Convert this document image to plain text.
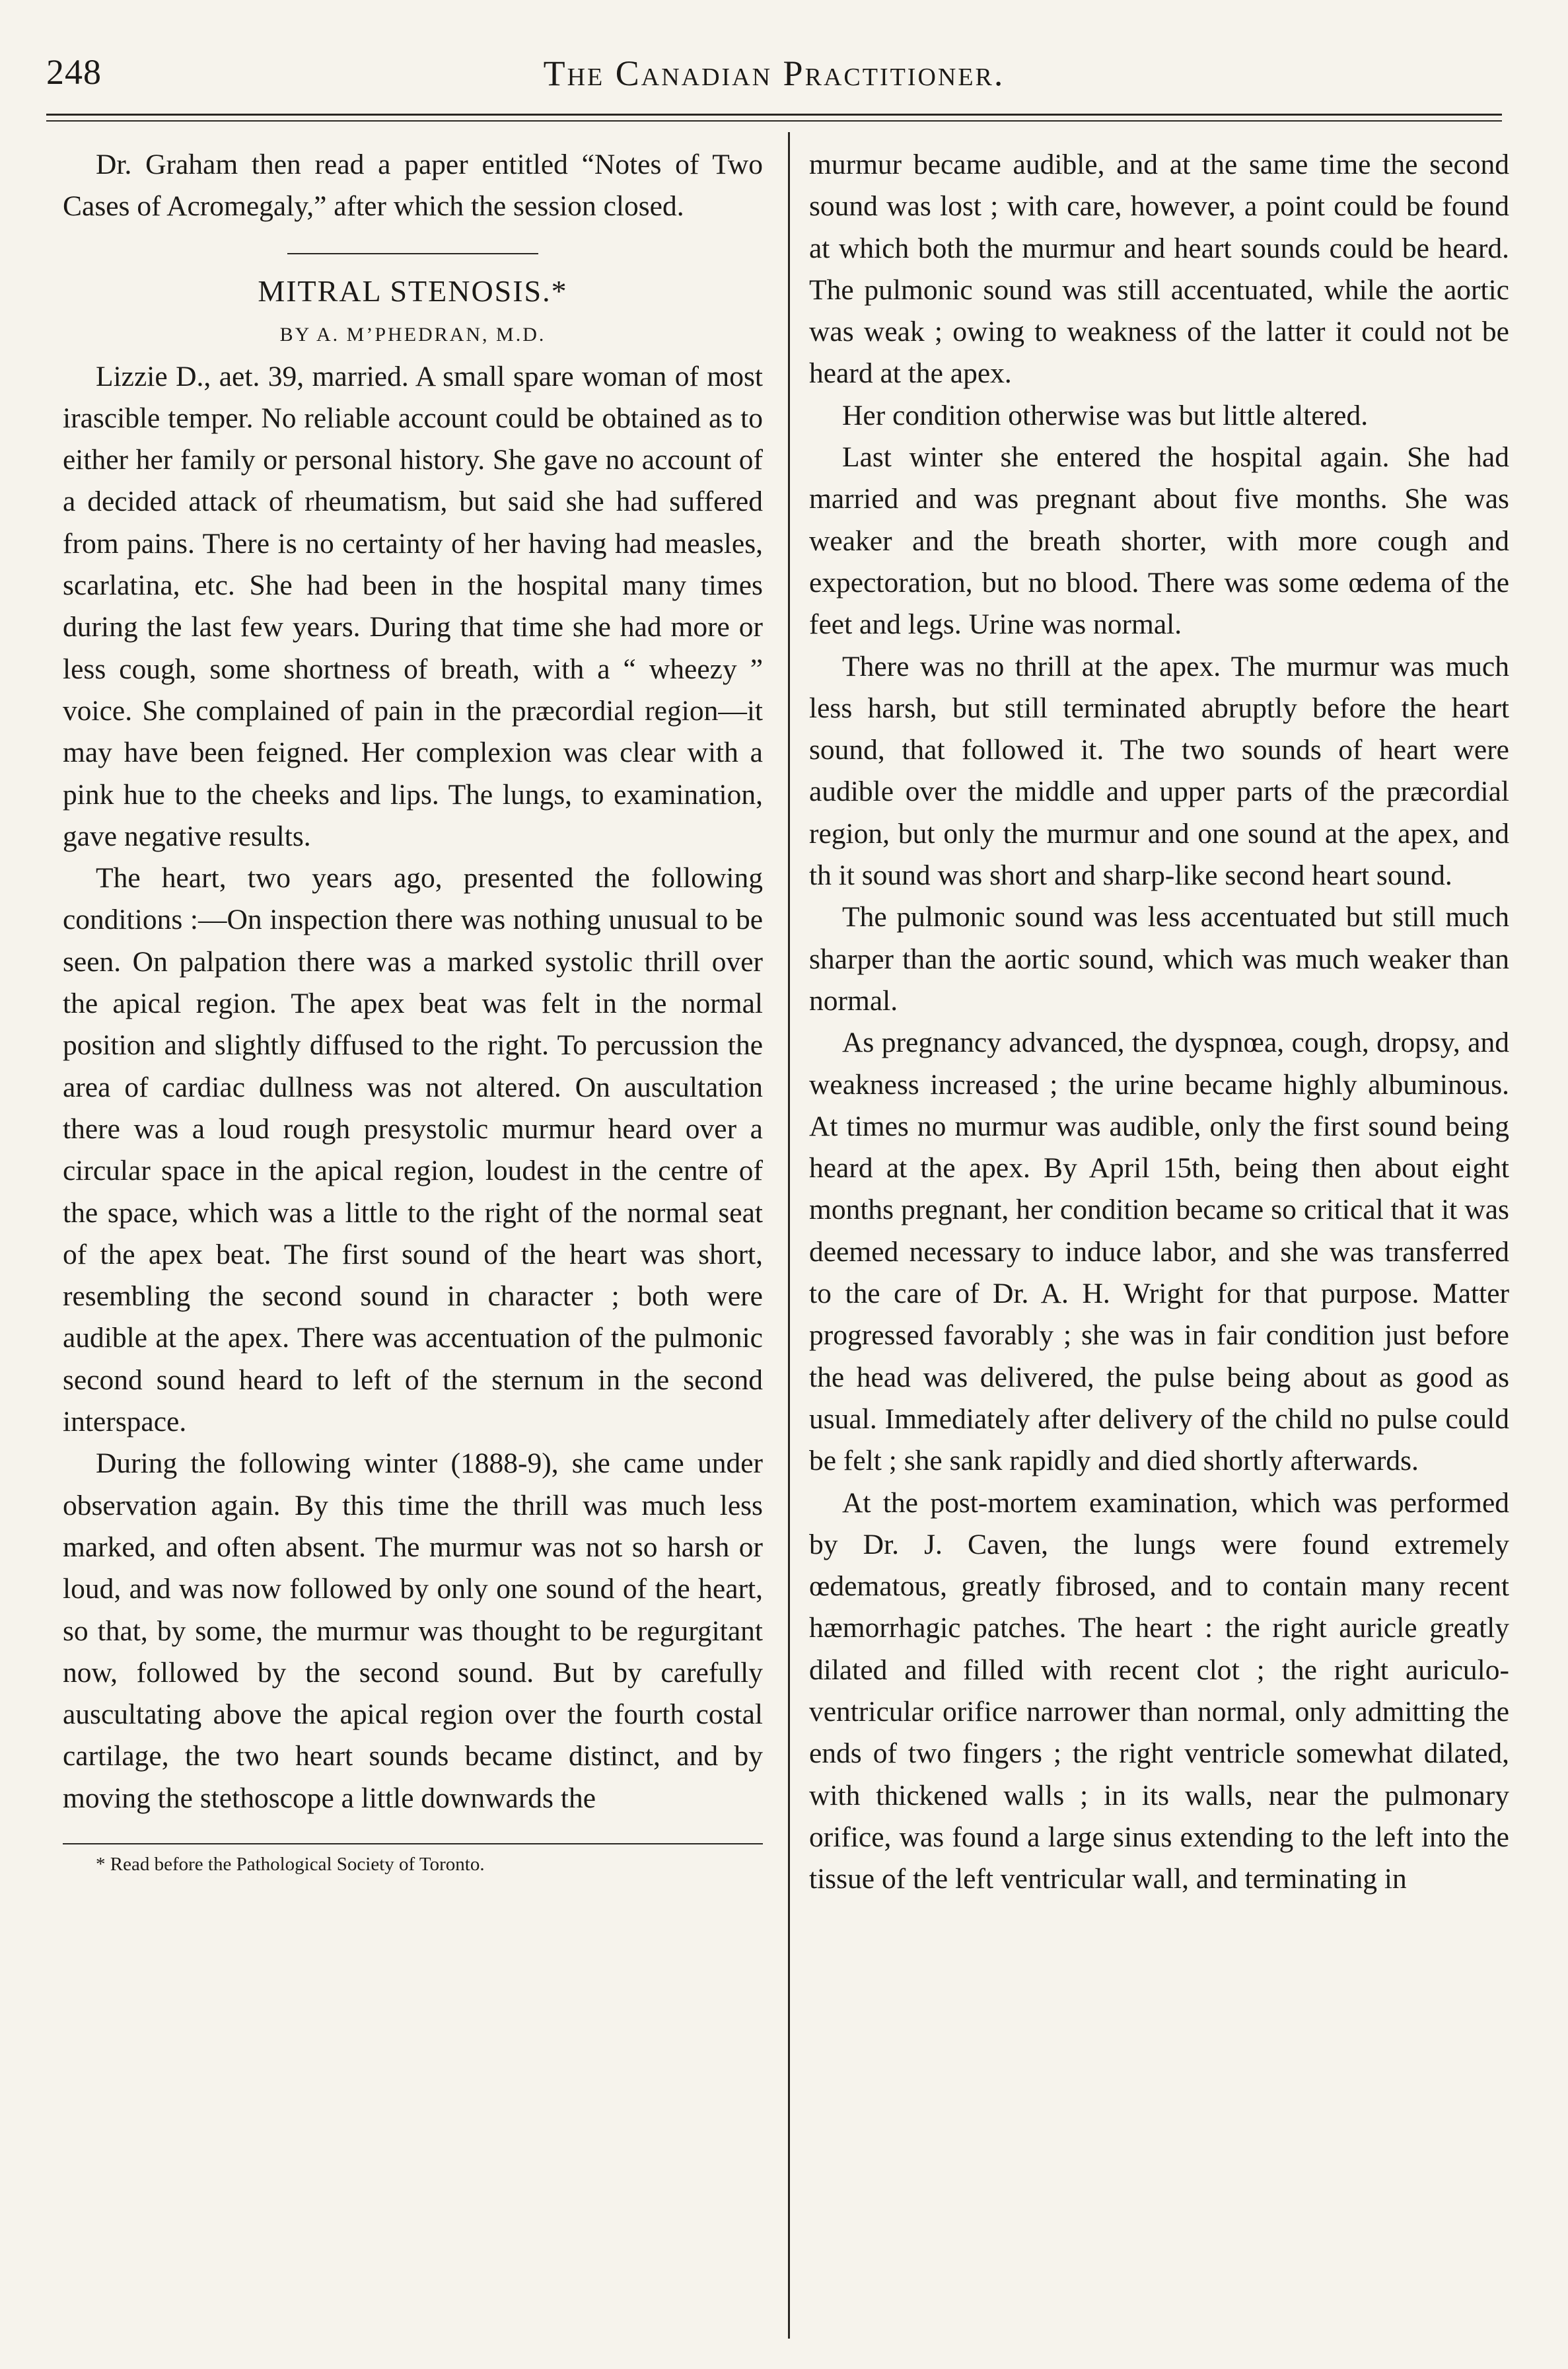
248	The Canadian Practitioner.

Dr. Graham then read a paper entitled “Notes of Two Cases of Acromegaly,” after which the session closed.

MITRAL STENOSIS.*

BY A. M’PHEDRAN, M.D.

Lizzie D., aet. 39, married. A small spare woman of most irascible temper. No reliable account could be obtained as to either her family or personal history. She gave no account of a decided attack of rheumatism, but said she had suffered from pains. There is no certainty of her having had measles, scarlatina, etc. She had been in the hospital many times during the last few years. During that time she had more or less cough, some shortness of breath, with a “ wheezy ” voice. She complained of pain in the præcordial region—it may have been feigned. Her complexion was clear with a pink hue to the cheeks and lips. The lungs, to examination, gave negative results.

The heart, two years ago, presented the following conditions :—On inspection there was nothing unusual to be seen. On palpation there was a marked systolic thrill over the apical region. The apex beat was felt in the normal position and slightly diffused to the right. To percussion the area of cardiac dullness was not altered. On auscultation there was a loud rough presystolic murmur heard over a circular space in the apical region, loudest in the centre of the space, which was a little to the right of the normal seat of the apex beat. The first sound of the heart was short, resembling the second sound in character ; both were audible at the apex. There was accentuation of the pulmonic second sound heard to left of the sternum in the second interspace.

During the following winter (1888-9), she came under observation again. By this time the thrill was much less marked, and often absent. The murmur was not so harsh or loud, and was now followed by only one sound of the heart, so that, by some, the murmur was thought to be regurgitant now, followed by the second sound. But by carefully auscultating above the apical region over the fourth costal cartilage, the two heart sounds became distinct, and by moving the stethoscope a little downwards the

* Read before the Pathological Society of Toronto.

murmur became audible, and at the same time the second sound was lost ; with care, however, a point could be found at which both the murmur and heart sounds could be heard. The pulmonic sound was still accentuated, while the aortic was weak ; owing to weakness of the latter it could not be heard at the apex.

Her condition otherwise was but little altered.

Last winter she entered the hospital again. She had married and was pregnant about five months. She was weaker and the breath shorter, with more cough and expectoration, but no blood. There was some œdema of the feet and legs. Urine was normal.

There was no thrill at the apex. The murmur was much less harsh, but still terminated abruptly before the heart sound, that followed it. The two sounds of heart were audible over the middle and upper parts of the præcordial region, but only the murmur and one sound at the apex, and th it sound was short and sharp-like second heart sound.

The pulmonic sound was less accentuated but still much sharper than the aortic sound, which was much weaker than normal.

As pregnancy advanced, the dyspnœa, cough, dropsy, and weakness increased ; the urine became highly albuminous. At times no murmur was audible, only the first sound being heard at the apex. By April 15th, being then about eight months pregnant, her condition became so critical that it was deemed necessary to induce labor, and she was transferred to the care of Dr. A. H. Wright for that purpose. Matter progressed favorably ; she was in fair condition just before the head was delivered, the pulse being about as good as usual. Immediately after delivery of the child no pulse could be felt ; she sank rapidly and died shortly afterwards.

At the post-mortem examination, which was performed by Dr. J. Caven, the lungs were found extremely œdematous, greatly fibrosed, and to contain many recent hæmorrhagic patches. The heart : the right auricle greatly dilated and filled with recent clot ; the right auriculo-ventricular orifice narrower than normal, only admitting the ends of two fingers ; the right ventricle somewhat dilated, with thickened walls ; in its walls, near the pulmonary orifice, was found a large sinus extending to the left into the tissue of the left ventricular wall, and terminating in
